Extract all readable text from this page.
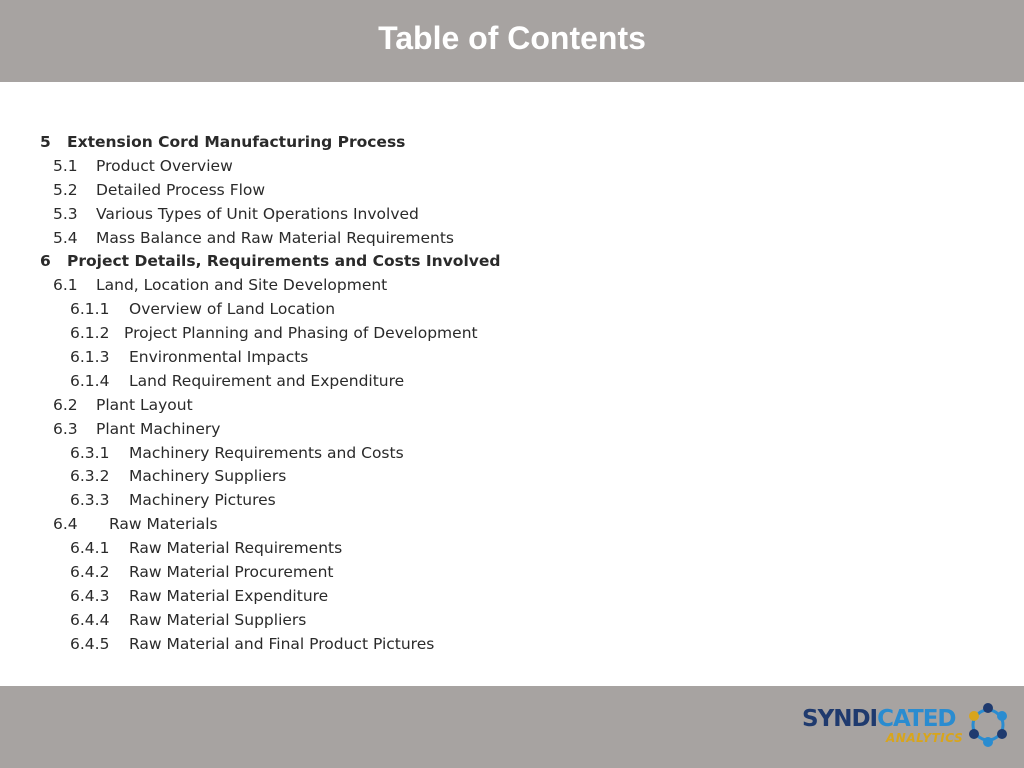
Table of Contents
5 Extension Cord Manufacturing Process
5.1 Product Overview
5.2 Detailed Process Flow
5.3 Various Types of Unit Operations Involved
5.4 Mass Balance and Raw Material Requirements
6 Project Details, Requirements and Costs Involved
6.1 Land, Location and Site Development
6.1.1 Overview of Land Location
6.1.2 Project Planning and Phasing of Development
6.1.3 Environmental Impacts
6.1.4 Land Requirement and Expenditure
6.2 Plant Layout
6.3 Plant Machinery
6.3.1 Machinery Requirements and Costs
6.3.2 Machinery Suppliers
6.3.3 Machinery Pictures
6.4 Raw Materials
6.4.1 Raw Material Requirements
6.4.2 Raw Material Procurement
6.4.3 Raw Material Expenditure
6.4.4 Raw Material Suppliers
6.4.5 Raw Material and Final Product Pictures
SYNDICATED
ANALYTICS
